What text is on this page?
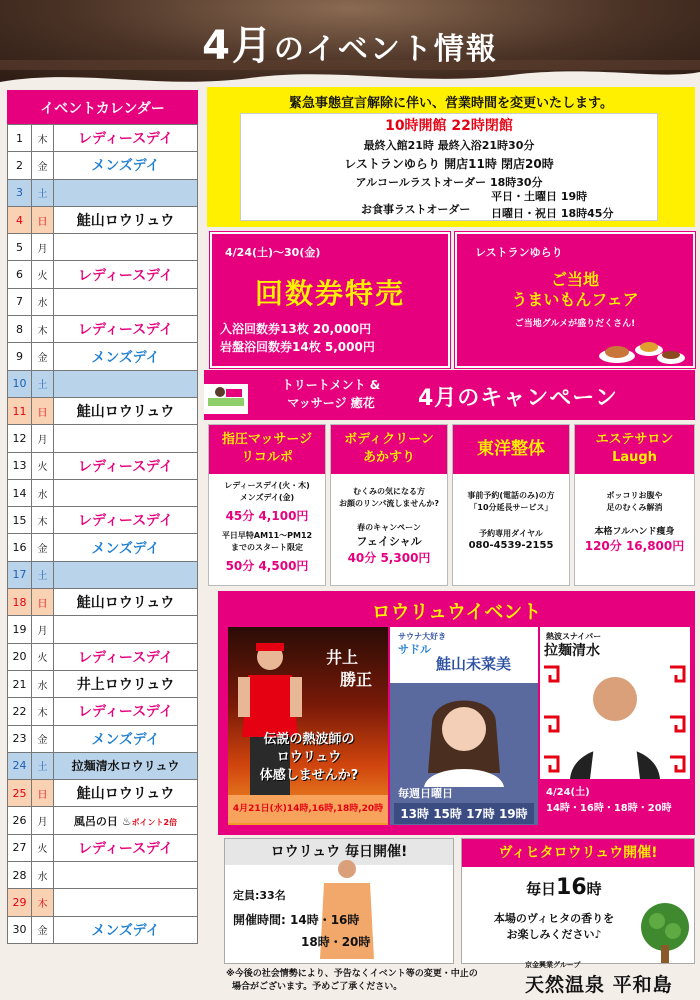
4月のイベント情報
イベントカレンダー
1	木	レディースデイ
2	金	メンズデイ
3	土	
4	日	鮭山ロウリュウ
5	月	
6	火	レディースデイ
7	水	
8	木	レディースデイ
9	金	メンズデイ
10	土	
11	日	鮭山ロウリュウ
12	月	
13	火	レディースデイ
14	水	
15	木	レディースデイ
16	金	メンズデイ
17	土	
18	日	鮭山ロウリュウ
19	月	
20	火	レディースデイ
21	水	井上ロウリュウ
22	木	レディースデイ
23	金	メンズデイ
24	土	拉麺清水ロウリュウ
25	日	鮭山ロウリュウ
26	月	風呂の日 ♨ポイント2倍
27	火	レディースデイ
28	水	
29	木	
30	金	メンズデイ
緊急事態宣言解除に伴い、営業時間を変更いたします。
10時開館 22時閉館
最終入館21時 最終入浴21時30分
レストランゆらり 開店11時 閉店20時
アルコールラストオーダー 18時30分
お食事ラストオーダー
平日・土曜日 19時
日曜日・祝日 18時45分
4/24(土)～30(金)
回数券特売
入浴回数券13枚 20,000円
岩盤浴回数券14枚 5,000円
レストランゆらり
ご当地
うまいもんフェア
ご当地グルメが盛りだくさん!
トリートメント &
マッサージ 癒花	4月のキャンペーン
指圧マッサージ
リコルポ
レディースデイ(火・木)
メンズデイ(金)
45分 4,100円
平日早特AM11～PM12
までのスタート限定
50分 4,500円
ボディクリーン
あかすり
むくみの気になる方
お顔のリンパ流しませんか?
春のキャンペーン
フェイシャル
40分 5,300円
東洋整体
事前予約(電話のみ)の方
「10分延長サービス」
予約専用ダイヤル
080-4539-2155
エステサロン
Laugh
ポッコリお腹や
足のむくみ解消
本格フルハンド痩身
120分 16,800円
ロウリュウイベント
井上
勝正
伝説の熱波師の
ロウリュウ
体感しませんか?
4月21日(水)14時,16時,18時,20時
サウナ大好き
サドル
鮭山未菜美
毎週日曜日
13時 15時 17時 19時
熱波スナイパー
拉麺清水
4/24(土)
14時・16時・18時・20時
ロウリュウ 毎日開催!
定員:33名
開催時間: 14時・16時
18時・20時
ヴィヒタロウリュウ開催!
毎日16時
本場のヴィヒタの香りを
お楽しみください♪
※今後の社会情勢により、予告なくイベント等の変更・中止の
場合がございます。予めご了承ください。
京金興業グループ
天然温泉 平和島
